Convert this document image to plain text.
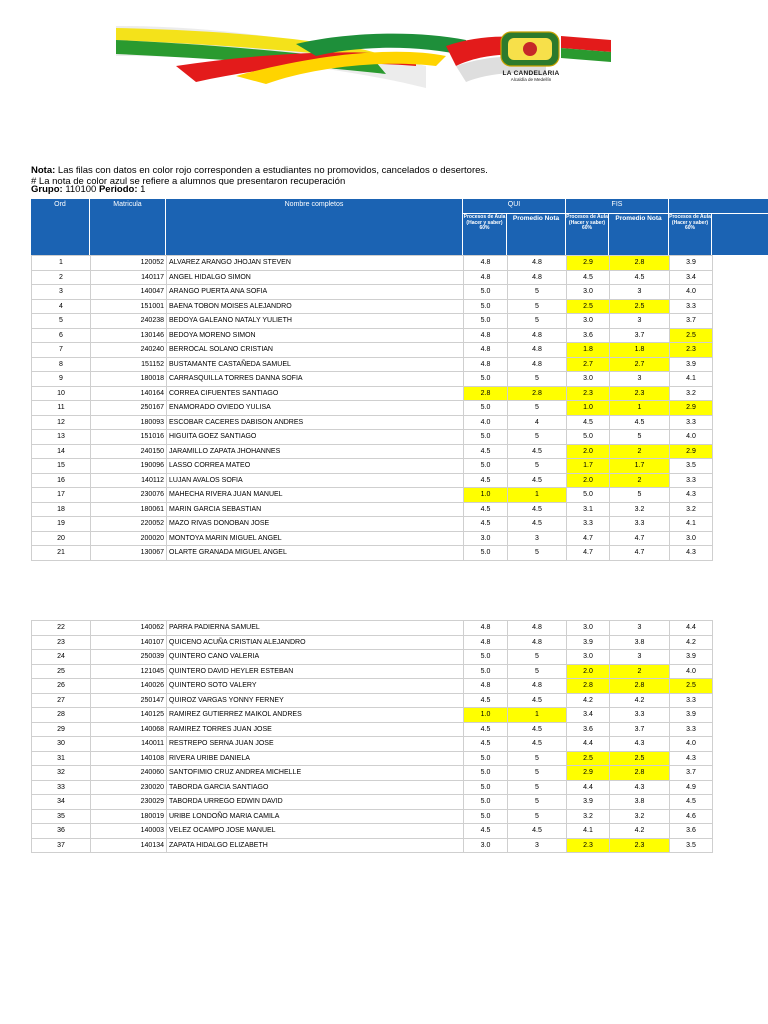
LA CANDELARIA
Alcaldía de Medellín
Nota: Las filas con datos en color rojo corresponden a estudiantes no promovidos, cancelados o desertores.
# La nota de color azul se refiere a alumnos que presentaron recuperación
Grupo: 110100 Periodo: 1
Ord	Matricula	Nombre completos	QUI	FIS
Procesos de Aula (Hacer y saber) 60%
Promedio Nota	Procesos de Aula (Hacer y saber) 60%
Promedio Nota	Procesos de Aula (Hacer y saber) 60%
1	120052	ALVAREZ ARANGO JHOJAN STEVEN	4.8	4.8	2.9	2.8	3.9
2	140117	ANGEL HIDALGO SIMON	4.8	4.8	4.5	4.5	3.4
3	140047	ARANGO PUERTA ANA SOFIA	5.0	5	3.0	3	4.0
4	151001	BAENA TOBON MOISES ALEJANDRO	5.0	5	2.5	2.5	3.3
5	240238	BEDOYA GALEANO NATALY YULIETH	5.0	5	3.0	3	3.7
6	130146	BEDOYA MORENO SIMON	4.8	4.8	3.6	3.7	2.5
7	240240	BERROCAL SOLANO CRISTIAN	4.8	4.8	1.8	1.8	2.3
8	151152	BUSTAMANTE CASTAÑEDA SAMUEL	4.8	4.8	2.7	2.7	3.9
9	180018	CARRASQUILLA TORRES DANNA SOFIA	5.0	5	3.0	3	4.1
10	140164	CORREA CIFUENTES SANTIAGO	2.8	2.8	2.3	2.3	3.2
11	250167	ENAMORADO OVIEDO YULISA	5.0	5	1.0	1	2.9
12	180093	ESCOBAR CACERES DABISON ANDRES	4.0	4	4.5	4.5	3.3
13	151016	HIGUITA GOEZ SANTIAGO	5.0	5	5.0	5	4.0
14	240150	JARAMILLO ZAPATA JHOHANNES	4.5	4.5	2.0	2	2.9
15	190096	LASSO CORREA MATEO	5.0	5	1.7	1.7	3.5
16	140112	LUJAN AVALOS SOFIA	4.5	4.5	2.0	2	3.3
17	230076	MAHECHA RIVERA JUAN MANUEL	1.0	1	5.0	5	4.3
18	180061	MARIN GARCIA SEBASTIAN	4.5	4.5	3.1	3.2	3.2
19	220052	MAZO RIVAS DONOBAN JOSE	4.5	4.5	3.3	3.3	4.1
20	200020	MONTOYA MARIN MIGUEL ANGEL	3.0	3	4.7	4.7	3.0
21	130067	OLARTE GRANADA MIGUEL ANGEL	5.0	5	4.7	4.7	4.3
22	140062	PARRA PADIERNA SAMUEL	4.8	4.8	3.0	3	4.4
23	140107	QUICENO ACUÑA CRISTIAN ALEJANDRO	4.8	4.8	3.9	3.8	4.2
24	250039	QUINTERO CANO VALERIA	5.0	5	3.0	3	3.9
25	121045	QUINTERO DAVID HEYLER ESTEBAN	5.0	5	2.0	2	4.0
26	140026	QUINTERO SOTO VALERY	4.8	4.8	2.8	2.8	2.5
27	250147	QUIROZ VARGAS YONNY FERNEY	4.5	4.5	4.2	4.2	3.3
28	140125	RAMIREZ GUTIERREZ MAIKOL ANDRES	1.0	1	3.4	3.3	3.9
29	140068	RAMIREZ TORRES JUAN JOSE	4.5	4.5	3.6	3.7	3.3
30	140011	RESTREPO SERNA JUAN JOSE	4.5	4.5	4.4	4.3	4.0
31	140108	RIVERA URIBE DANIELA	5.0	5	2.5	2.5	4.3
32	240060	SANTOFIMIO CRUZ ANDREA MICHELLE	5.0	5	2.9	2.8	3.7
33	230020	TABORDA GARCIA SANTIAGO	5.0	5	4.4	4.3	4.9
34	230029	TABORDA URREGO EDWIN DAVID	5.0	5	3.9	3.8	4.5
35	180019	URIBE LONDOÑO MARIA CAMILA	5.0	5	3.2	3.2	4.6
36	140003	VELEZ OCAMPO JOSE MANUEL	4.5	4.5	4.1	4.2	3.6
37	140134	ZAPATA HIDALGO ELIZABETH	3.0	3	2.3	2.3	3.5
